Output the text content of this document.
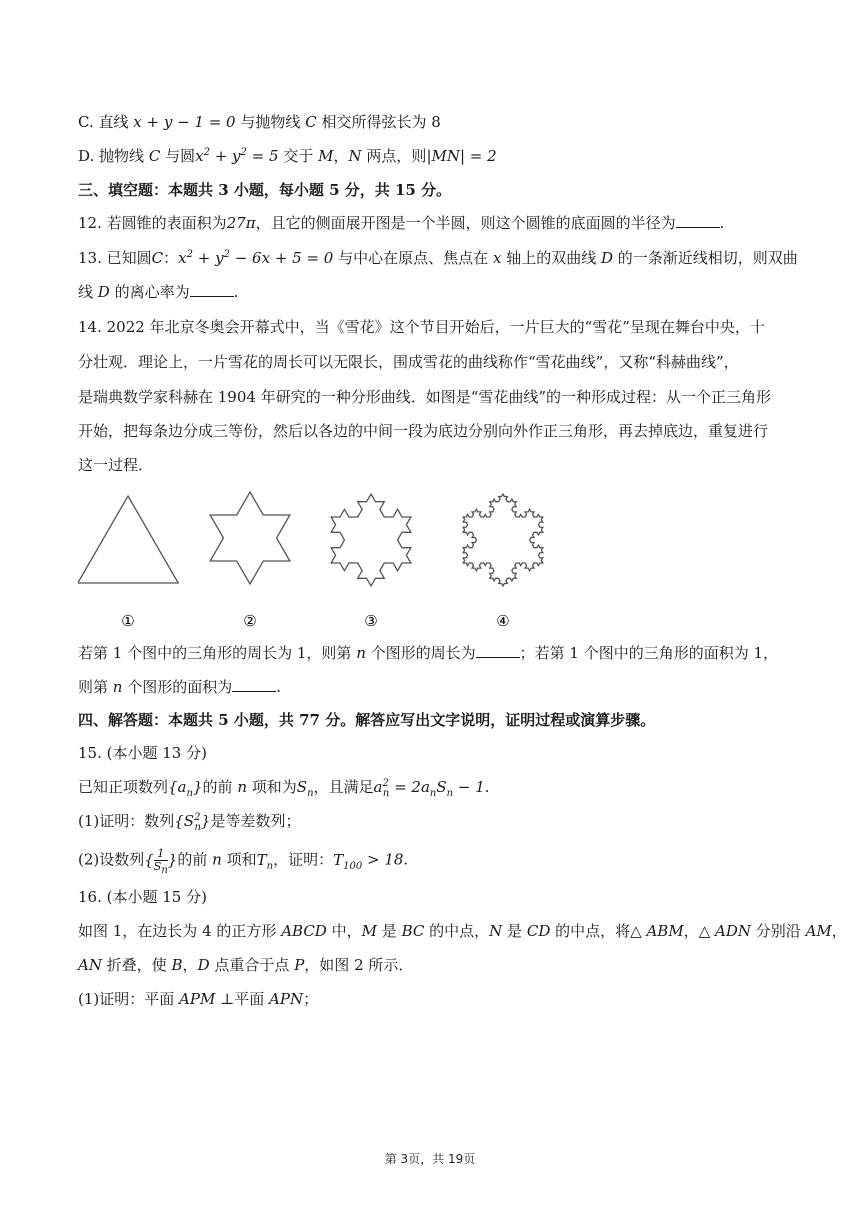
C. 直线 x + y − 1 = 0 与抛物线 C 相交所得弦长为 8
D. 抛物线 C 与圆$x^2 + y^2 = 5$ 交于 M，N 两点，则|MN| = 2
三、填空题：本题共 3 小题，每小题 5 分，共 15 分。
12. 若圆锥的表面积为27π，且它的侧面展开图是一个半圆，则这个圆锥的底面圆的半径为	.
13. 已知圆C：$x^2 + y^2 - 6x + 5 = 0$ 与中心在原点、焦点在 x 轴上的双曲线 D 的一条渐近线相切，则双曲
线 D 的离心率为	.
14. 2022 年北京冬奥会开幕式中，当《雪花》这个节目开始后，一片巨大的“雪花”呈现在舞台中央，十
分壮观．理论上，一片雪花的周长可以无限长，围成雪花的曲线称作“雪花曲线”，又称“科赫曲线”，
是瑞典数学家科赫在 1904 年研究的一种分形曲线．如图是“雪花曲线”的一种形成过程：从一个正三角形
开始，把每条边分成三等份，然后以各边的中间一段为底边分别向外作正三角形，再去掉底边，重复进行
这一过程．
①	②	③	④
若第 1 个图中的三角形的周长为 1，则第 n 个图形的周长为	；若第 1 个图中的三角形的面积为 1，
则第 n 个图形的面积为	.
四、解答题：本题共 5 小题，共 77 分。解答应写出文字说明，证明过程或演算步骤。
15. (本小题 13 分)
已知正项数列$\{a_n\}$的前 n 项和为$S_n$，且满足$a^2_n = 2a_nS_n - 1$.
(1)证明：数列$\{S^2_n\}$是等差数列；
(2)设数列{ $\frac{1}{S_n}$ }的前 n 项和$T_n$，证明：$T_{100} > 18$.
16. (本小题 15 分)
如图 1，在边长为 4 的正方形 ABCD 中，M 是 BC 的中点，N 是 CD 的中点，将△ ABM，△ ADN 分别沿 AM，
AN 折叠，使 B，D 点重合于点 P，如图 2 所示．
(1)证明：平面 APM ⊥平面 APN；
第 3页，共 19页
